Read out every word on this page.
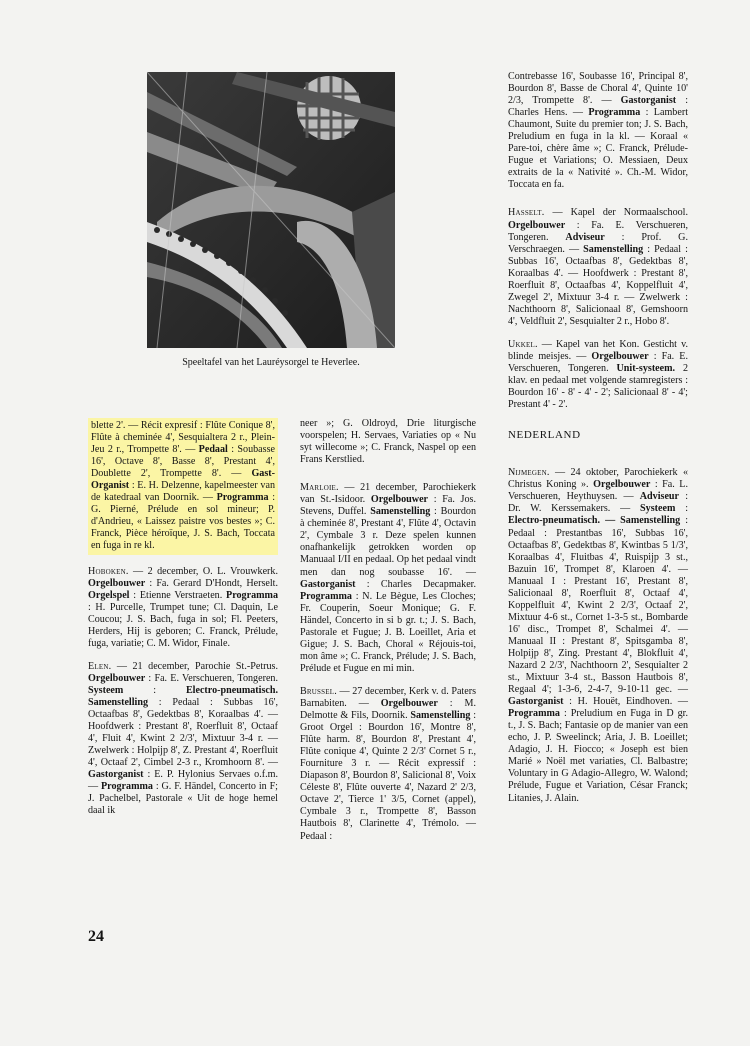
Speeltafel van het Lauréysorgel te Heverlee.

blette 2'. — Récit expresif : Flûte Conique 8', Flûte à cheminée 4', Sesquialtera 2 r., Plein-Jeu 2 r., Trompette 8'. — Pedaal : Soubasse 16', Octave 8', Basse 8', Prestant 4', Doublette 2', Trompette 8'. — Gast-Organist : E. H. Delzenne, kapelmeester van de katedraal van Doornik. — Programma : G. Pierné, Prélude en sol mineur; P. d'Andrieu, « Laissez paistre vos bestes »; C. Franck, Pièce héroïque, J. S. Bach, Toccata en fuga in re kl.

Hoboken. — 2 december, O. L. Vrouwkerk. Orgelbouwer : Fa. Gerard D'Hondt, Herselt. Orgelspel : Etienne Verstraeten. Programma : H. Purcelle, Trumpet tune; Cl. Daquin, Le Coucou; J. S. Bach, fuga in sol; Fl. Peeters, Herders, Hij is geboren; C. Franck, Prélude, fuga, variatie; C. M. Widor, Finale.

Elen. — 21 december, Parochie St.-Petrus. Orgelbouwer : Fa. E. Verschueren, Tongeren. Systeem : Electro-pneumatisch. Samenstelling : Pedaal : Subbas 16', Octaafbas 8', Gedektbas 8', Koraalbas 4'. — Hoofdwerk : Prestant 8', Roerfluit 8', Octaaf 4', Fluit 4', Kwint 2 2/3', Mixtuur 3-4 r. — Zwelwerk : Holpijp 8', Z. Prestant 4', Roerfluit 4', Octaaf 2', Cimbel 2-3 r., Kromhoorn 8'. — Gastorganist : E. P. Hylonius Servaes o.f.m. — Programma : G. F. Händel, Concerto in F; J. Pachelbel, Pastorale « Uit de hoge hemel daal ik

neer »; G. Oldroyd, Drie liturgische voorspelen; H. Servaes, Variaties op « Nu syt willecome »; C. Franck, Naspel op een Frans Kerstlied.

Marloie. — 21 december, Parochiekerk van St.-Isidoor. Orgelbouwer : Fa. Jos. Stevens, Duffel. Samenstelling : Bourdon à cheminée 8', Prestant 4', Flûte 4', Octavin 2', Cymbale 3 r. Deze spelen kunnen onafhankelijk getrokken worden op Manuaal I/II en pedaal. Op het pedaal vindt men dan nog soubasse 16'. — Gastorganist : Charles Decapmaker. Programma : N. Le Bègue, Les Cloches; Fr. Couperin, Soeur Monique; G. F. Händel, Concerto in si b gr. t.; J. S. Bach, Pastorale et Fugue; J. B. Loeillet, Aria et Gigue; J. S. Bach, Choral « Réjouis-toi, mon âme »; C. Franck, Prélude; J. S. Bach, Prélude et Fugue en mi min.

Brussel. — 27 december, Kerk v. d. Paters Barnabiten. — Orgelbouwer : M. Delmotte & Fils, Doornik. Samenstelling : Groot Orgel : Bourdon 16', Montre 8', Flûte harm. 8', Bourdon 8', Prestant 4', Flûte conique 4', Quinte 2 2/3' Cornet 5 r., Fourniture 3 r. — Récit expressif : Diapason 8', Bourdon 8', Salicional 8', Voix Céleste 8', Flûte ouverte 4', Nazard 2' 2/3, Octave 2', Tierce 1' 3/5, Cornet (appel), Cymbale 3 r., Trompette 8', Basson Hautbois 8', Clarinette 4', Trémolo. — Pedaal :

Contrebasse 16', Soubasse 16', Principal 8', Bourdon 8', Basse de Choral 4', Quinte 10' 2/3, Trompette 8'. — Gastorganist : Charles Hens. — Programma : Lambert Chaumont, Suite du premier ton; J. S. Bach, Preludium en fuga in la kl. — Koraal « Pare-toi, chère âme »; C. Franck, Prélude-Fugue et Variations; O. Messiaen, Deux extraits de la « Nativité ». Ch.-M. Widor, Toccata en fa.

Hasselt. — Kapel der Normaalschool. Orgelbouwer : Fa. E. Verschueren, Tongeren. Adviseur : Prof. G. Verschraegen. — Samenstelling : Pedaal : Subbas 16', Octaafbas 8', Gedektbas 8', Koraalbas 4'. — Hoofdwerk : Prestant 8', Roerfluit 8', Octaafbas 4', Koppelfluit 4', Zwegel 2', Mixtuur 3-4 r. — Zwelwerk : Nachthoorn 8', Salicionaal 8', Gemshoorn 4', Veldfluit 2', Sesquialter 2 r., Hobo 8'.

Ukkel. — Kapel van het Kon. Gesticht v. blinde meisjes. — Orgelbouwer : Fa. E. Verschueren, Tongeren. Unit-systeem. 2 klav. en pedaal met volgende stamregisters : Bourdon 16' - 8' - 4' - 2'; Salicionaal 8' - 4'; Prestant 4' - 2'.

NEDERLAND

Nijmegen. — 24 oktober, Parochiekerk « Christus Koning ». Orgelbouwer : Fa. L. Verschueren, Heythuysen. — Adviseur : Dr. W. Kerssemakers. — Systeem : Electro-pneumatisch. — Samenstelling : Pedaal : Prestantbas 16', Subbas 16', Octaafbas 8', Gedektbas 8', Kwintbas 5 1/3', Koraalbas 4', Fluitbas 4', Ruispijp 3 st., Bazuin 16', Trompet 8', Klaroen 4'. — Manuaal I : Prestant 16', Prestant 8', Salicionaal 8', Roerfluit 8', Octaaf 4', Koppelfluit 4', Kwint 2 2/3', Octaaf 2', Mixtuur 4-6 st., Cornet 1-3-5 st., Bombarde 16' disc., Trompet 8', Schalmei 4'. — Manuaal II : Prestant 8', Spitsgamba 8', Holpijp 8', Zing. Prestant 4', Blokfluit 4', Nazard 2 2/3', Nachthoorn 2', Sesquialter 2 st., Mixtuur 3-4 st., Basson Hautbois 8', Regaal 4'; 1-3-6, 2-4-7, 9-10-11 gec. — Gastorganist : H. Houët, Eindhoven. — Programma : Preludium en Fuga in D gr. t., J. S. Bach; Fantasie op de manier van een echo, J. P. Sweelinck; Aria, J. B. Loeillet; Adagio, J. H. Fiocco; « Joseph est bien Marié » Noël met variaties, Cl. Balbastre; Voluntary in G Adagio-Allegro, W. Walond; Prélude, Fugue et Variation, César Franck; Litanies, J. Alain.

24
